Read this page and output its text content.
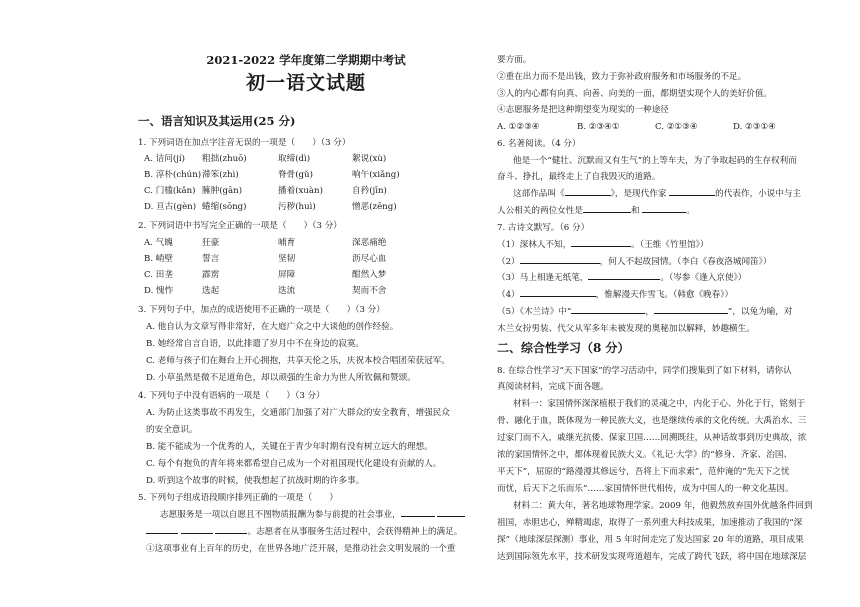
2021-2022 学年度第二学期期中考试
初一语文试题
一、语言知识及其运用(25 分)
1. 下列词语在加点字注音无误的一项是（　　）（3 分）
A. 诘问(jí) 粗拙(zhuō)	取缔(dì)	絮说(xù)
B. 淳朴(chún) 滞笨(zhì)	脊骨(gǔ)	响午(xiǎng)
C. 门槛(kǎn) 臃肿(gān)	播着(xuàn)	自矜(jīn)
D. 亘古(gèn) 蜷缩(sōng)	污秽(huì)	憎恶(zēng)
2. 下列词语中书写完全正确的一项是（　　）（3 分）
A. 气魄	狂豪	哺育	深恶痛绝
B. 峭壁	誓言	坚韧	沥尽心血
C. 田垄	霹雳	屏障	酣然入梦
D. 愧怍	选起	迭流	契而不舍
3. 下列句子中，加点的成语使用不正确的一项是（　　）（3 分）
A. 他自认为文章写得非常好，在大庭广众之中大谈他的创作经验。
B. 她经常自言自语，以此排遣了岁月中不在身边的寂寞。
C. 老师与孩子们在舞台上开心拥抱，共享天伦之乐，庆祝本校合唱团荣获冠军。
D. 小草虽然是微不足道角色，却以顽强的生命力为世人所钦佩和赞颂。
4. 下列句子中没有语病的一项是（　　）（3 分）
A. 为防止这类事故不再发生，交通部门加强了对广大群众的安全教育，增强民众
的安全意识。
B. 能不能成为一个优秀的人，关键在于青少年时期有没有树立远大的理想。
C. 每个有抱负的青年将来都希望自己成为一个对祖国现代化建设有贡献的人。
D. 听到这个故事的时候，使我想起了抗战时期的许多事。
5. 下列句子组成语段顺序排列正确的一项是（　　）
志愿服务是一项以自愿且不图物质报酬为参与前提的社会事业，
。志愿者在从事服务生活过程中，会获得精神上的满足。
①这项事业有上百年的历史，在世界各地广泛开展，是推动社会文明发展的一个重
要方面。
②重在出力而不是出钱，致力于弥补政府服务和市场服务的不足。
③人的内心都有向真、向善、向美的一面，都期望实现个人的美好价值。
④志愿服务是把这种期望变为现实的一种途径
A. ①②③④	B. ②③④①	C. ②①③④	D. ②③①④
6. 名著阅读。（4 分）
他是一个“健壮、沉默而又有生气”的上等车夫，为了争取起码的生存权利而
奋斗、挣扎，最终走上了自我毁灭的道路。
这部作品叫《	》，是现代作家	的代表作，小说中与主
人公相关的两位女性是	和	。
7. 古诗文默写。（6 分）
（1）深林人不知，	。（王维《竹里馆》）
（2）	，何人不起故园情。（李白《春夜洛城闻笛》）
（3）马上相逢无纸笔，	。（岑参《逢入京使》）
（4）	，惟解漫天作雪飞。（韩愈《晚春》）
（5）《木兰诗》中“	，	”，以兔为喻，对
木兰女扮男装、代父从军多年未被发现的奥秘加以解释，妙趣横生。
二、综合性学习（8 分）
8. 在综合性学习“天下国家”的学习活动中，同学们搜集到了如下材料，请你认
真阅读材料，完成下面各题。
材料一：家国情怀深深植根于我们的灵魂之中，内化于心、外化于行，铭刻于
骨、融化于血，既体现为一种民族大义，也是继续传承的文化传统。大禹治水、三
过家门而不入，戚继光抗倭、保家卫国……回溯既往，从神话故事到历史典故，浓
浓的家国情怀之中，都体现着民族大义。《礼记·大学》的“修身、齐家、治国、
平天下”，屈原的“路漫漫其修远兮，吾将上下而求索”，范仲淹的“先天下之忧
而忧，后天下之乐而乐”……家国情怀世代相传，成为中国人的一种文化基因。
材料二：黄大年，著名地球物理学家。2009 年，他毅然放弃国外优越条件回到
祖国，赤胆忠心，殚精竭虑，取得了一系列重大科技成果，加速推动了我国的“深
探”（地球深层探测）事业，用 5 年时间走完了发达国家 20 年的道路，项目成果
达到国际领先水平，技术研发实现弯道超车，完成了跨代飞跃，将中国在地球深层
